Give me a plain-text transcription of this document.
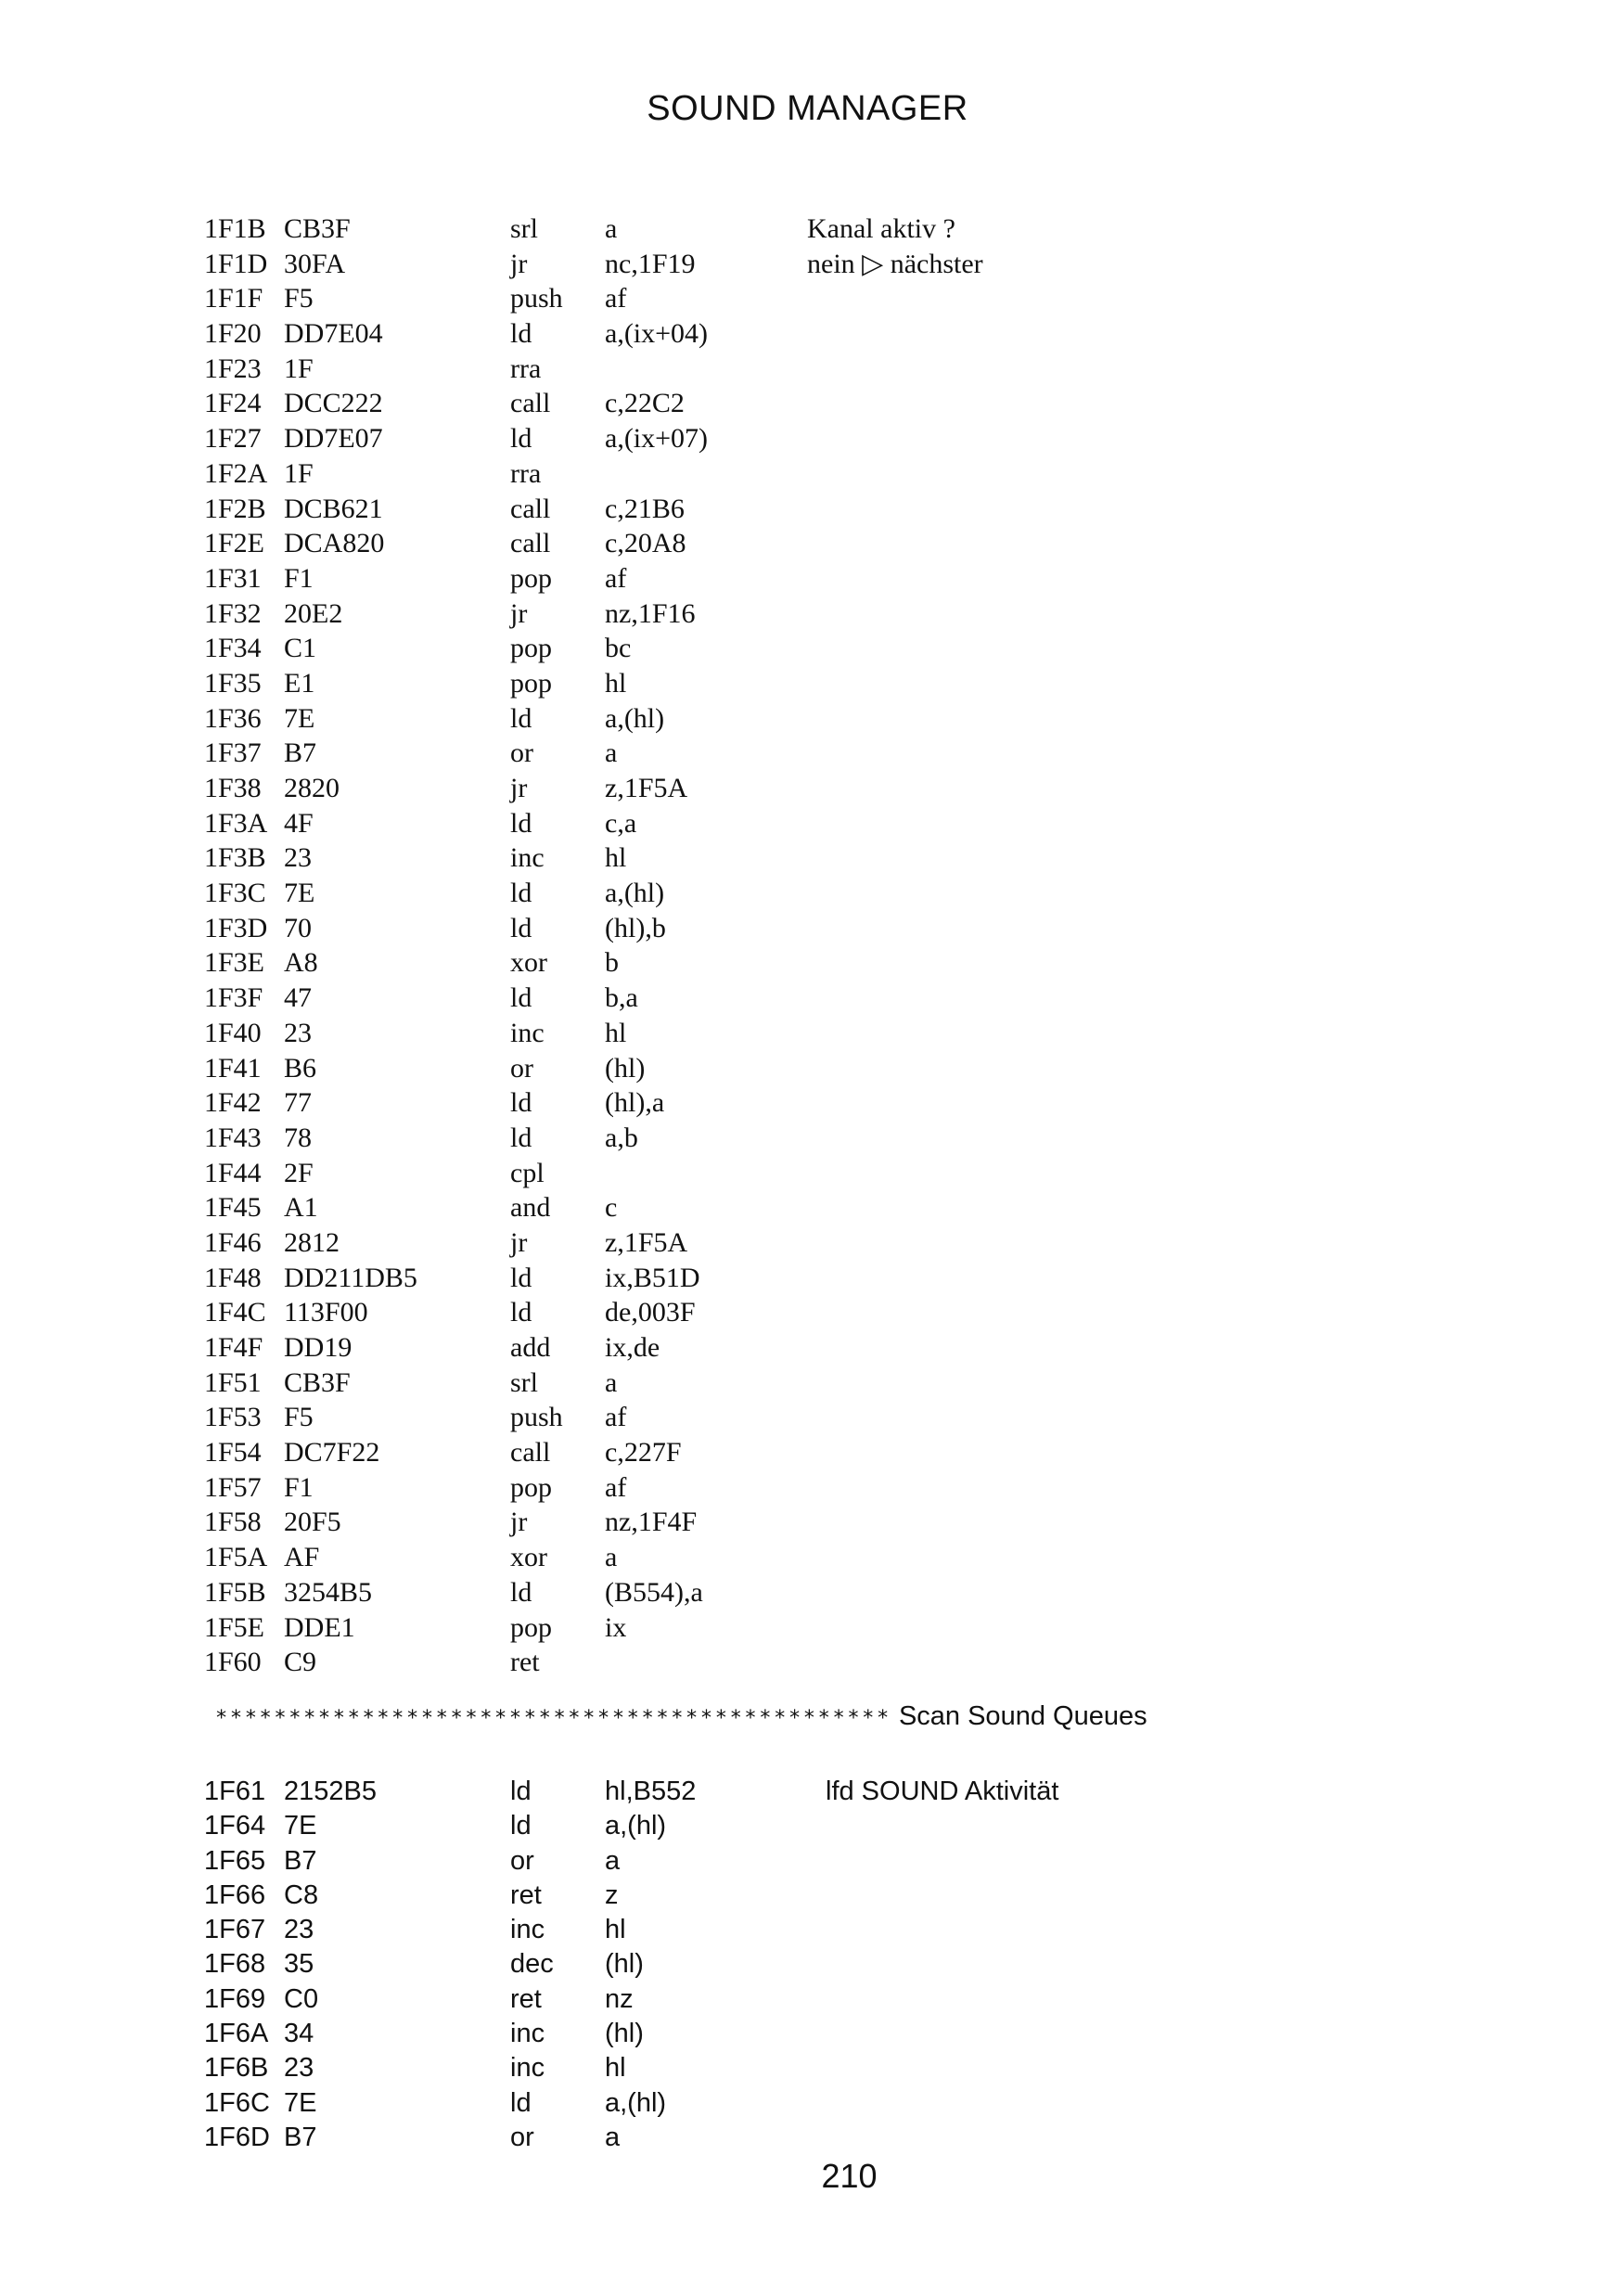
SOUND MANAGER
1F1B CB3F	srl a	Kanal aktiv ?
1F1D 30FA	jr	nc,1F19	nein ▷ nächster
1F1F F5	push af
1F20 DD7E04	ld	a,(ix+04)
1F23 1F	rra
1F24 DCC222	call c,22C2
1F27 DD7E07	ld	a,(ix+07)
1F2A 1F	rra
1F2B DCB621	call c,21B6
1F2E DCA820	call c,20A8
1F31 F1	pop af
1F32 20E2	jr	nz,1F16
1F34 C1	pop bc
1F35 E1	pop hl
1F36 7E	ld	a,(hl)
1F37 B7	or	a
1F38 2820	jr	z,1F5A
1F3A 4F	ld	c,a
1F3B 23	inc hl
1F3C 7E	ld	a,(hl)
1F3D 70	ld	(hl),b
1F3E A8	xor b
1F3F 47	ld	b,a
1F40 23	inc hl
1F41 B6	or	(hl)
1F42 77	ld	(hl),a
1F43 78	ld	a,b
1F44 2F	cpl
1F45 A1	and c
1F46 2812	jr	z,1F5A
1F48 DD211DB5	ld	ix,B51D
1F4C 113F00	ld	de,003F
1F4F DD19	add ix,de
1F51 CB3F	srl a
1F53 F5	push af
1F54 DC7F22	call c,227F
1F57 F1	pop af
1F58 20F5	jr	nz,1F4F
1F5A AF	xor a
1F5B 3254B5	ld	(B554),a
1F5E DDE1	pop ix
1F60 C9	ret
********************************************** Scan Sound Queues
1F61 2152B5	ld	hl,B552	lfd SOUND Aktivität
1F64 7E	ld	a,(hl)
1F65 B7	or	a
1F66 C8	ret z
1F67 23	inc hl
1F68 35	dec (hl)
1F69 C0	ret nz
1F6A 34	inc (hl)
1F6B 23	inc hl
1F6C 7E	ld	a,(hl)
1F6D B7	or	a
210
